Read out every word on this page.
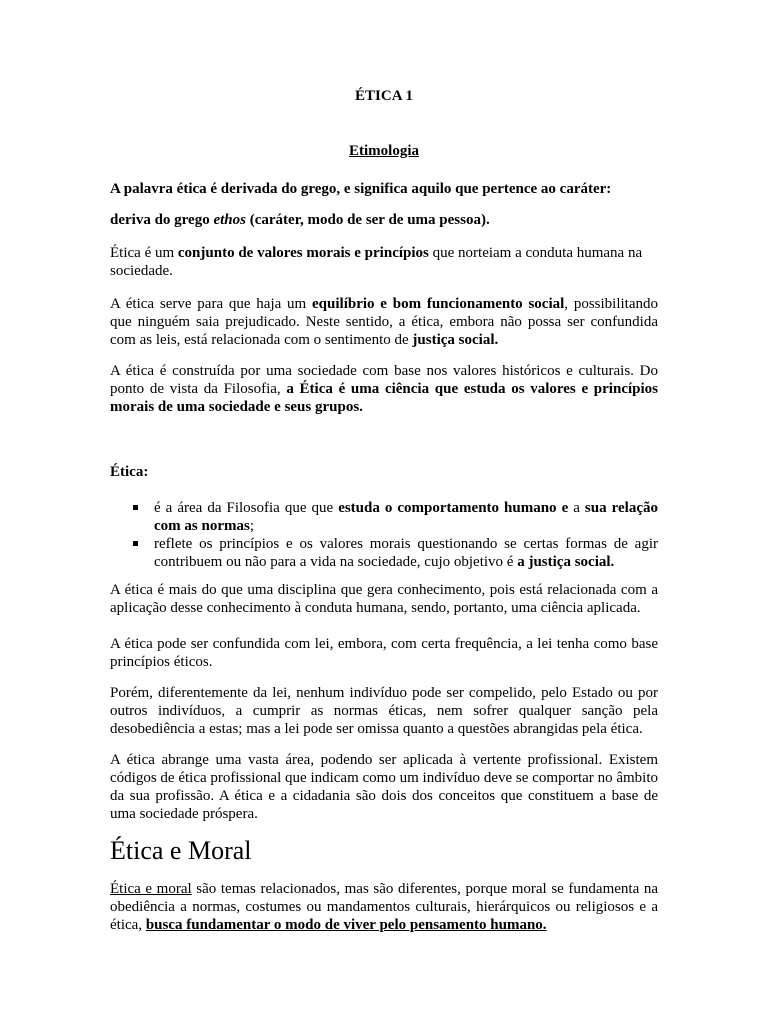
ÉTICA 1

Etimologia

A palavra ética é derivada do grego, e significa aquilo que pertence ao caráter:

deriva do grego ethos (caráter, modo de ser de uma pessoa).

Ética é um conjunto de valores morais e princípios que norteiam a conduta humana na sociedade.

A ética serve para que haja um equilíbrio e bom funcionamento social, possibilitando que ninguém saia prejudicado. Neste sentido, a ética, embora não possa ser confundida com as leis, está relacionada com o sentimento de justiça social.

A ética é construída por uma sociedade com base nos valores históricos e culturais. Do ponto de vista da Filosofia, a Ética é uma ciência que estuda os valores e princípios morais de uma sociedade e seus grupos.

Ética:

é a área da Filosofia que que estuda o comportamento humano e a sua relação com as normas;
reflete os princípios e os valores morais questionando se certas formas de agir contribuem ou não para a vida na sociedade, cujo objetivo é a justiça social.

A ética é mais do que uma disciplina que gera conhecimento, pois está relacionada com a aplicação desse conhecimento à conduta humana, sendo, portanto, uma ciência aplicada.

A ética pode ser confundida com lei, embora, com certa frequência, a lei tenha como base princípios éticos.

Porém, diferentemente da lei, nenhum indivíduo pode ser compelido, pelo Estado ou por outros indivíduos, a cumprir as normas éticas, nem sofrer qualquer sanção pela desobediência a estas; mas a lei pode ser omissa quanto a questões abrangidas pela ética.

A ética abrange uma vasta área, podendo ser aplicada à vertente profissional. Existem códigos de ética profissional que indicam como um indivíduo deve se comportar no âmbito da sua profissão. A ética e a cidadania são dois dos conceitos que constituem a base de uma sociedade próspera.

Ética e Moral

Ética e moral são temas relacionados, mas são diferentes, porque moral se fundamenta na obediência a normas, costumes ou mandamentos culturais, hierárquicos ou religiosos e a ética, busca fundamentar o modo de viver pelo pensamento humano.
